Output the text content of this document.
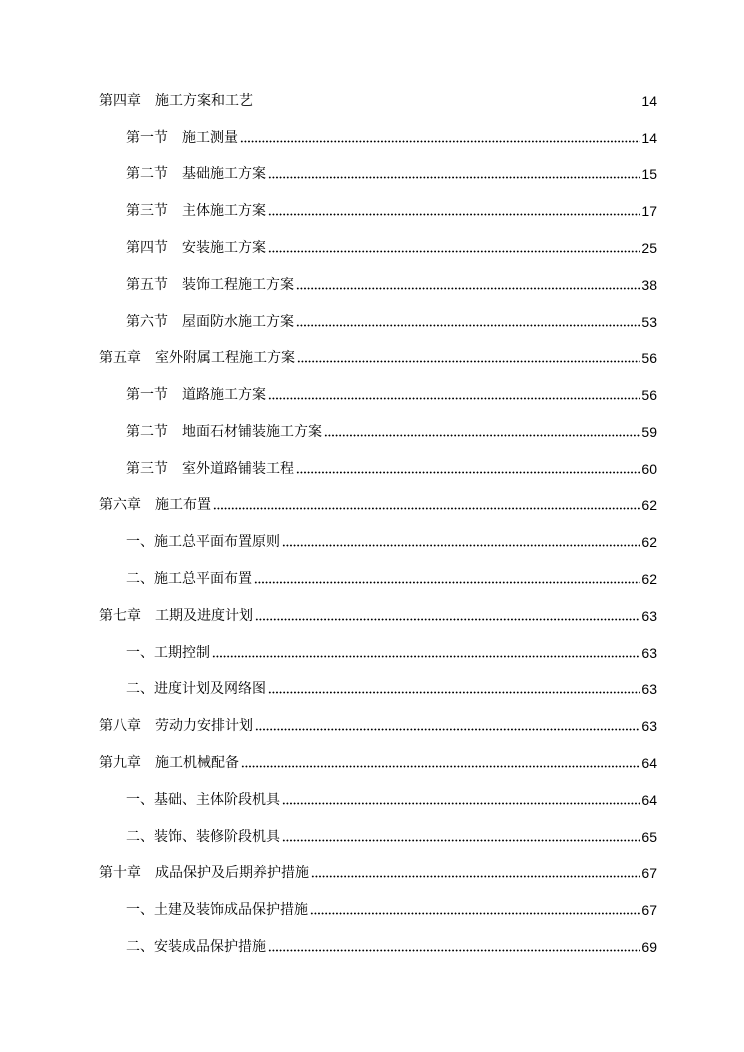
第四章 施工方案和工艺	14
第一节 施工测量	14
第二节 基础施工方案	15
第三节 主体施工方案	17
第四节 安装施工方案	25
第五节 装饰工程施工方案	38
第六节 屋面防水施工方案	53
第五章 室外附属工程施工方案	56
第一节 道路施工方案	56
第二节 地面石材铺装施工方案	59
第三节 室外道路铺装工程	60
第六章 施工布置	62
一、 施工总平面布置原则	62
二、 施工总平面布置	62
第七章 工期及进度计划	63
一、 工期控制	63
二、 进度计划及网络图	63
第八章 劳动力安排计划	63
第九章 施工机械配备	64
一、 基础、主体阶段机具	64
二、 装饰、装修阶段机具	65
第十章 成品保护及后期养护措施	67
一、 土建及装饰成品保护措施	67
二、 安装成品保护措施	69
